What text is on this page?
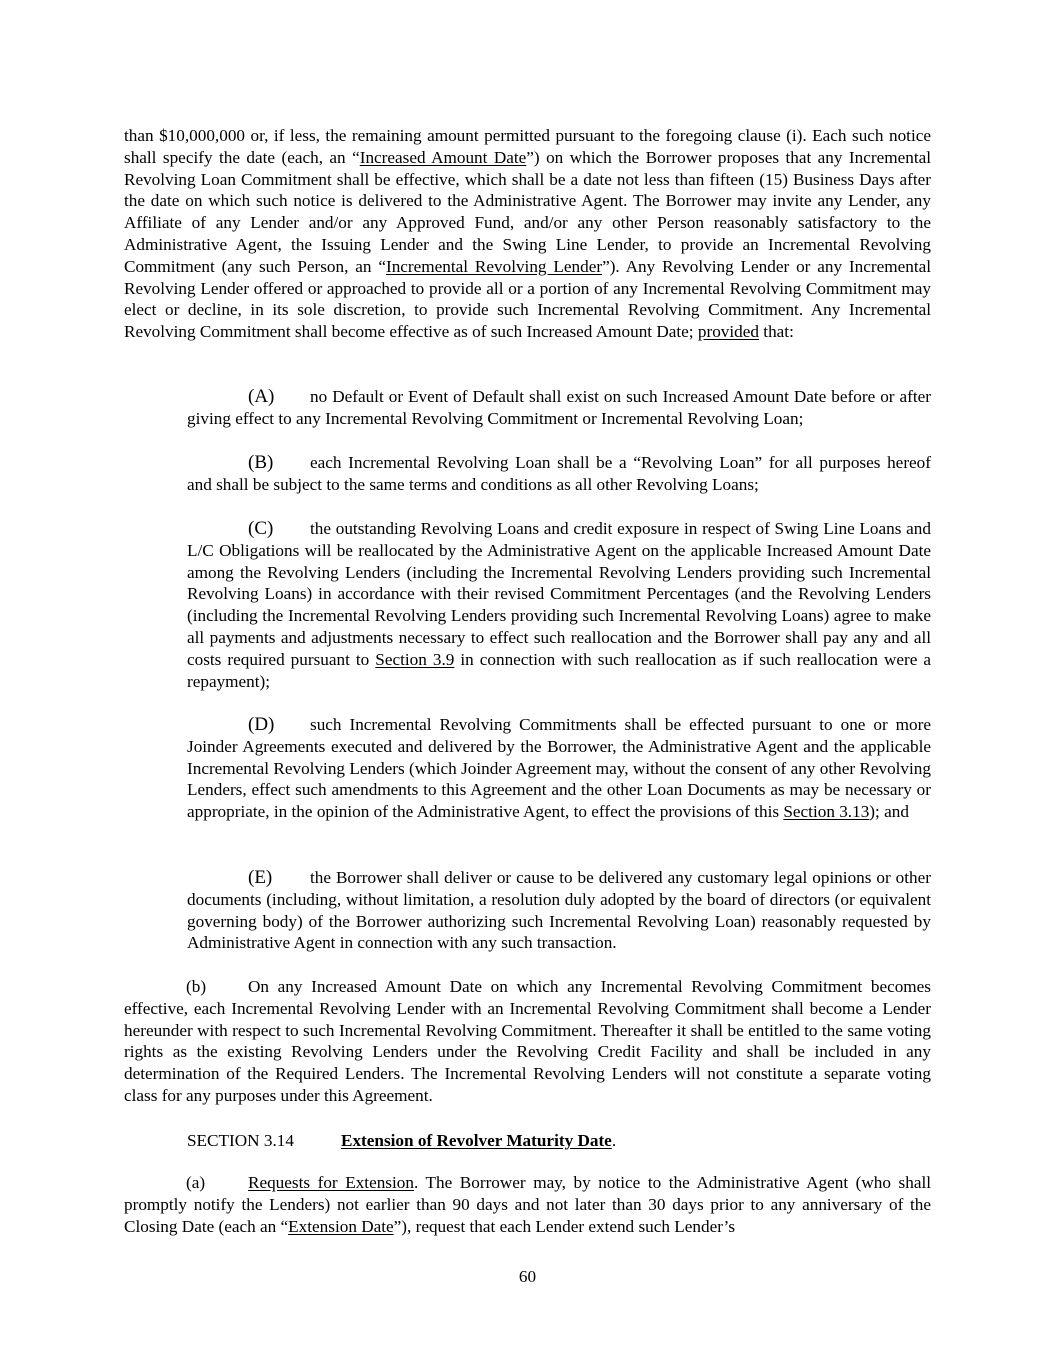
than $10,000,000 or, if less, the remaining amount permitted pursuant to the foregoing clause (i). Each such notice shall specify the date (each, an “Increased Amount Date”) on which the Borrower proposes that any Incremental Revolving Loan Commitment shall be effective, which shall be a date not less than fifteen (15) Business Days after the date on which such notice is delivered to the Administrative Agent. The Borrower may invite any Lender, any Affiliate of any Lender and/or any Approved Fund, and/or any other Person reasonably satisfactory to the Administrative Agent, the Issuing Lender and the Swing Line Lender, to provide an Incremental Revolving Commitment (any such Person, an “Incremental Revolving Lender”). Any Revolving Lender or any Incremental Revolving Lender offered or approached to provide all or a portion of any Incremental Revolving Commitment may elect or decline, in its sole discretion, to provide such Incremental Revolving Commitment. Any Incremental Revolving Commitment shall become effective as of such Increased Amount Date; provided that:

(A) no Default or Event of Default shall exist on such Increased Amount Date before or after giving effect to any Incremental Revolving Commitment or Incremental Revolving Loan;

(B) each Incremental Revolving Loan shall be a “Revolving Loan” for all purposes hereof and shall be subject to the same terms and conditions as all other Revolving Loans;

(C) the outstanding Revolving Loans and credit exposure in respect of Swing Line Loans and L/C Obligations will be reallocated by the Administrative Agent on the applicable Increased Amount Date among the Revolving Lenders (including the Incremental Revolving Lenders providing such Incremental Revolving Loans) in accordance with their revised Commitment Percentages (and the Revolving Lenders (including the Incremental Revolving Lenders providing such Incremental Revolving Loans) agree to make all payments and adjustments necessary to effect such reallocation and the Borrower shall pay any and all costs required pursuant to Section 3.9 in connection with such reallocation as if such reallocation were a repayment);

(D) such Incremental Revolving Commitments shall be effected pursuant to one or more Joinder Agreements executed and delivered by the Borrower, the Administrative Agent and the applicable Incremental Revolving Lenders (which Joinder Agreement may, without the consent of any other Revolving Lenders, effect such amendments to this Agreement and the other Loan Documents as may be necessary or appropriate, in the opinion of the Administrative Agent, to effect the provisions of this Section 3.13); and

(E) the Borrower shall deliver or cause to be delivered any customary legal opinions or other documents (including, without limitation, a resolution duly adopted by the board of directors (or equivalent governing body) of the Borrower authorizing such Incremental Revolving Loan) reasonably requested by Administrative Agent in connection with any such transaction.

(b) On any Increased Amount Date on which any Incremental Revolving Commitment becomes effective, each Incremental Revolving Lender with an Incremental Revolving Commitment shall become a Lender hereunder with respect to such Incremental Revolving Commitment. Thereafter it shall be entitled to the same voting rights as the existing Revolving Lenders under the Revolving Credit Facility and shall be included in any determination of the Required Lenders. The Incremental Revolving Lenders will not constitute a separate voting class for any purposes under this Agreement.

SECTION 3.14	Extension of Revolver Maturity Date.

(a) Requests for Extension. The Borrower may, by notice to the Administrative Agent (who shall promptly notify the Lenders) not earlier than 90 days and not later than 30 days prior to any anniversary of the Closing Date (each an “Extension Date”), request that each Lender extend such Lender’s

60
